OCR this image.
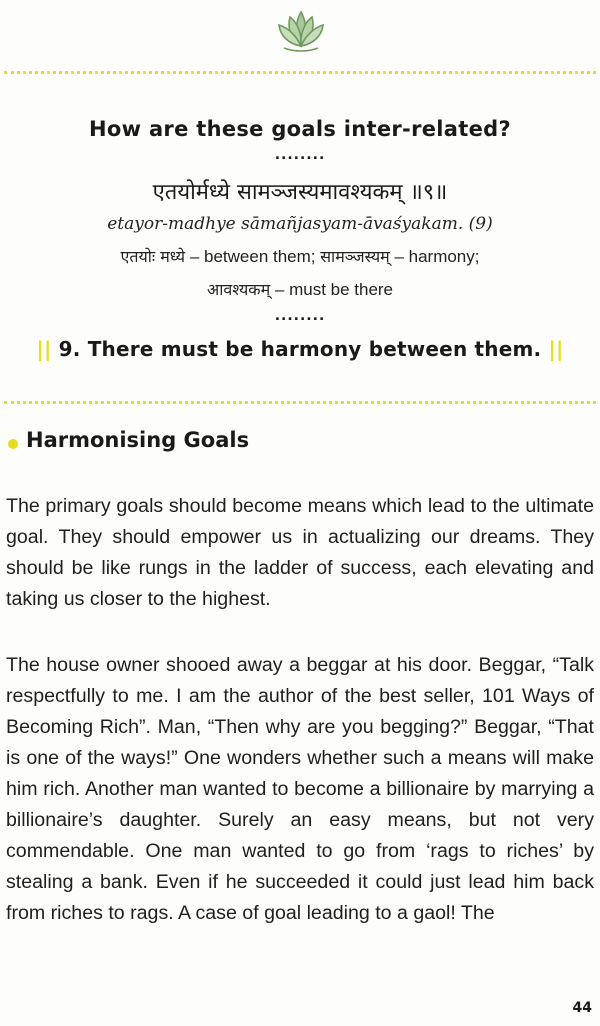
How are these goals inter-related?
........
एतयोर्मध्ये सामञ्जस्यमावश्यकम् ॥९॥
etayor-madhye sāmañjasyam-āvaśyakam. (9)
एतयोः मध्ये – between them; सामञ्जस्यम् – harmony;
आवश्यकम् – must be there
........
|| 9. There must be harmony between them. ||
Harmonising Goals

The primary goals should become means which lead to the ultimate goal. They should empower us in actualizing our dreams. They should be like rungs in the ladder of success, each elevating and taking us closer to the highest.

The house owner shooed away a beggar at his door. Beggar, “Talk respectfully to me. I am the author of the best seller, 101 Ways of Becoming Rich”. Man, “Then why are you begging?” Beggar, “That is one of the ways!” One wonders whether such a means will make him rich. Another man wanted to become a billionaire by marrying a billionaire’s daughter. Surely an easy means, but not very commendable. One man wanted to go from ‘rags to riches’ by stealing a bank. Even if he succeeded it could just lead him back from riches to rags. A case of goal leading to a gaol! The

44
